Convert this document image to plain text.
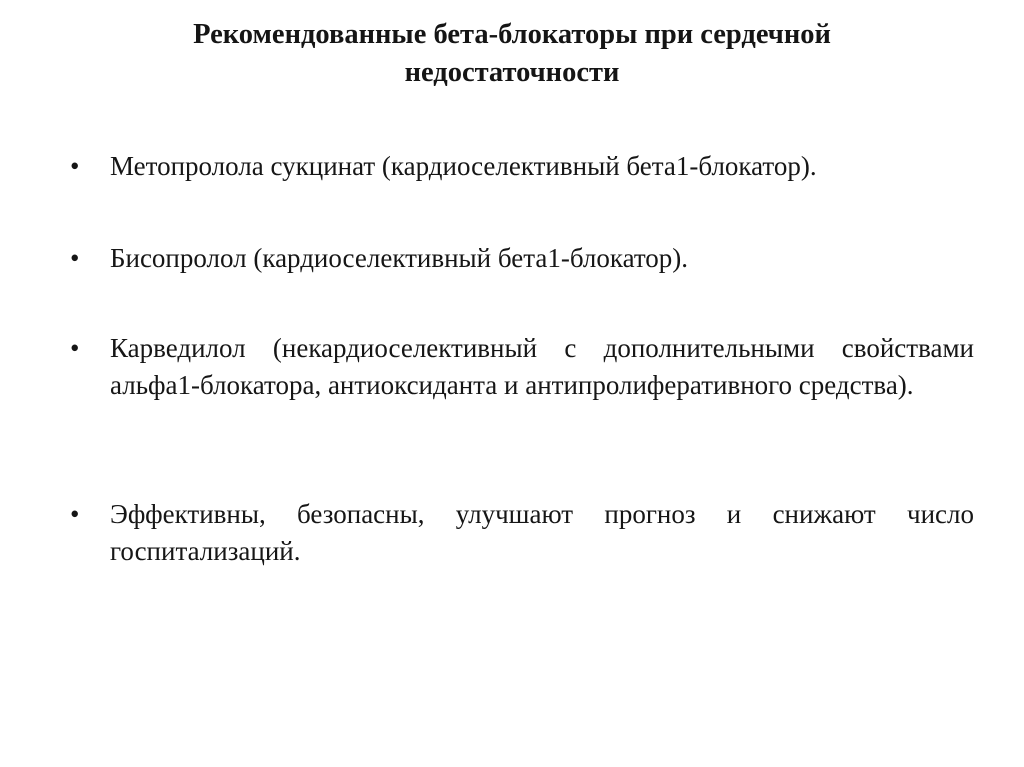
Рекомендованные бета-блокаторы при сердечной недостаточности
•	Метопролола сукцинат (кардиоселективный бета1-блокатор).
•	Бисопролол (кардиоселективный бета1-блокатор).
•	Карведилол (некардиоселективный с дополнительными свойствами альфа1-блокатора, антиоксиданта и антипролиферативного средства).
•	Эффективны, безопасны, улучшают прогноз и снижают число госпитализаций.
